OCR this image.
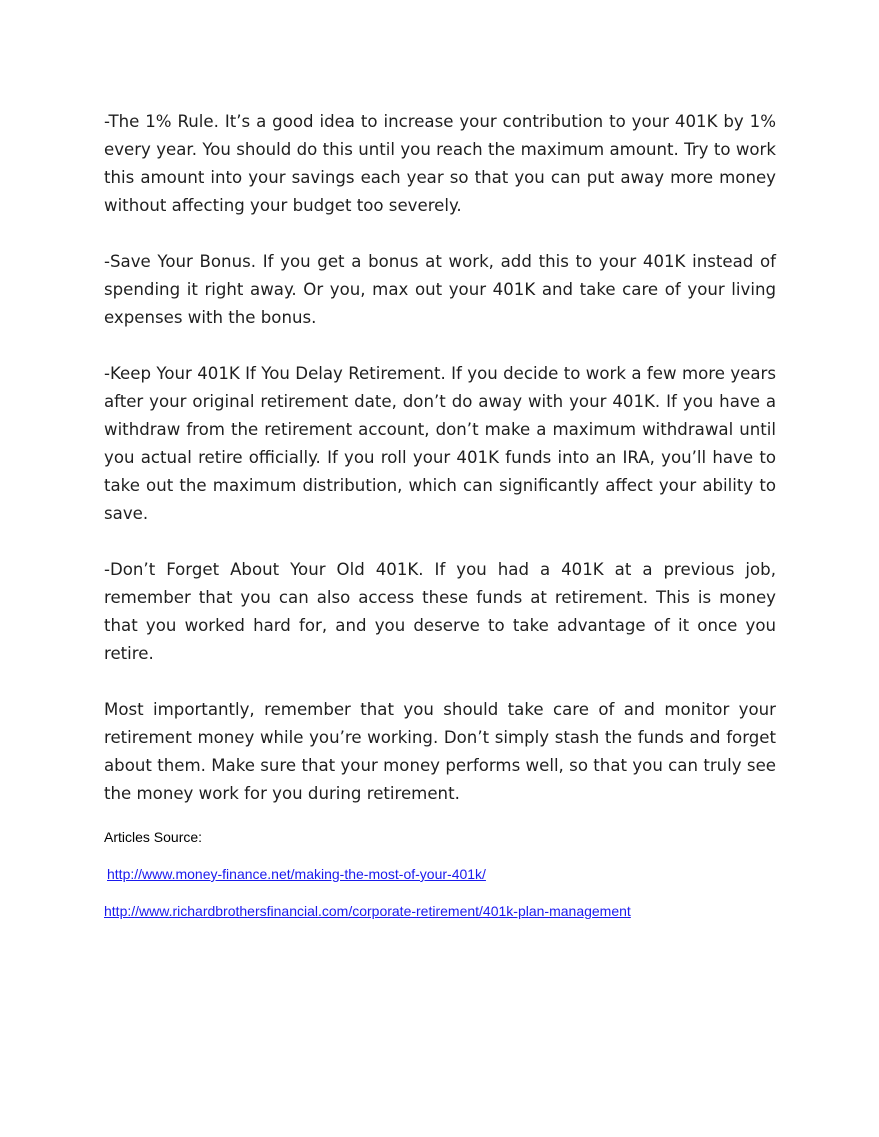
-The 1% Rule. It’s a good idea to increase your contribution to your 401K by 1% every year. You should do this until you reach the maximum amount. Try to work this amount into your savings each year so that you can put away more money without affecting your budget too severely.

-Save Your Bonus. If you get a bonus at work, add this to your 401K instead of spending it right away. Or you, max out your 401K and take care of your living expenses with the bonus.

-Keep Your 401K If You Delay Retirement. If you decide to work a few more years after your original retirement date, don’t do away with your 401K. If you have a withdraw from the retirement account, don’t make a maximum withdrawal until you actual retire officially. If you roll your 401K funds into an IRA, you’ll have to take out the maximum distribution, which can significantly affect your ability to save.

-Don’t Forget About Your Old 401K. If you had a 401K at a previous job, remember that you can also access these funds at retirement. This is money that you worked hard for, and you deserve to take advantage of it once you retire.

Most importantly, remember that you should take care of and monitor your retirement money while you’re working. Don’t simply stash the funds and forget about them. Make sure that your money performs well, so that you can truly see the money work for you during retirement.

Articles Source:
http://www.money-finance.net/making-the-most-of-your-401k/
http://www.richardbrothersfinancial.com/corporate-retirement/401k-plan-management
